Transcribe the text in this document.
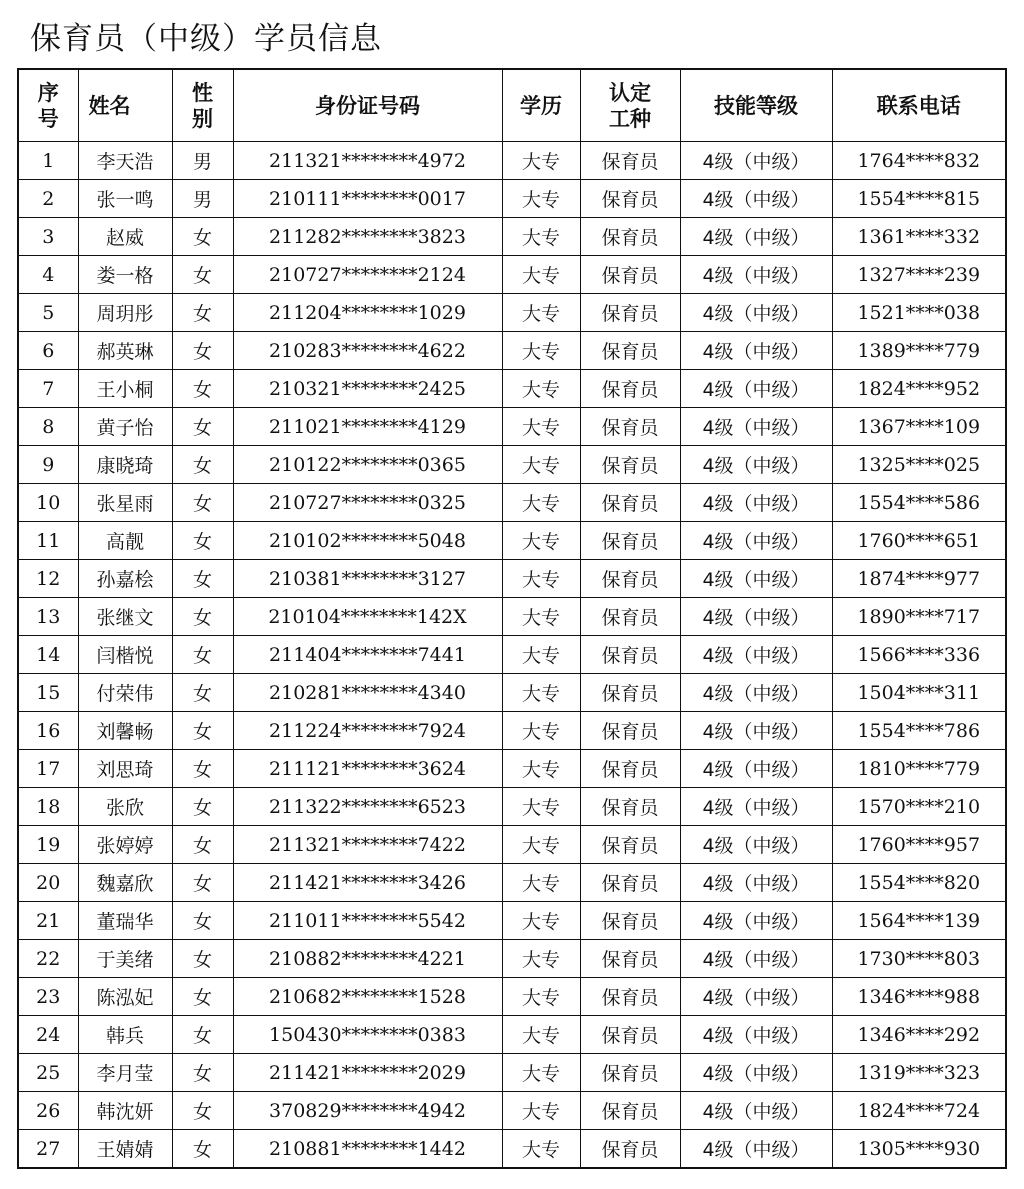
保育员（中级）学员信息
序号	姓名	性别	身份证号码	学历	认定工种	技能等级	联系电话
1	李天浩	男	211321********4972	大专	保育员	4级（中级）	1764****832
2	张一鸣	男	210111********0017	大专	保育员	4级（中级）	1554****815
3	赵威	女	211282********3823	大专	保育员	4级（中级）	1361****332
4	娄一格	女	210727********2124	大专	保育员	4级（中级）	1327****239
5	周玥彤	女	211204********1029	大专	保育员	4级（中级）	1521****038
6	郝英琳	女	210283********4622	大专	保育员	4级（中级）	1389****779
7	王小桐	女	210321********2425	大专	保育员	4级（中级）	1824****952
8	黄子怡	女	211021********4129	大专	保育员	4级（中级）	1367****109
9	康晓琦	女	210122********0365	大专	保育员	4级（中级）	1325****025
10	张星雨	女	210727********0325	大专	保育员	4级（中级）	1554****586
11	高靓	女	210102********5048	大专	保育员	4级（中级）	1760****651
12	孙嘉桧	女	210381********3127	大专	保育员	4级（中级）	1874****977
13	张继文	女	210104********142X	大专	保育员	4级（中级）	1890****717
14	闫楷悦	女	211404********7441	大专	保育员	4级（中级）	1566****336
15	付荣伟	女	210281********4340	大专	保育员	4级（中级）	1504****311
16	刘馨畅	女	211224********7924	大专	保育员	4级（中级）	1554****786
17	刘思琦	女	211121********3624	大专	保育员	4级（中级）	1810****779
18	张欣	女	211322********6523	大专	保育员	4级（中级）	1570****210
19	张婷婷	女	211321********7422	大专	保育员	4级（中级）	1760****957
20	魏嘉欣	女	211421********3426	大专	保育员	4级（中级）	1554****820
21	董瑞华	女	211011********5542	大专	保育员	4级（中级）	1564****139
22	于美绪	女	210882********4221	大专	保育员	4级（中级）	1730****803
23	陈泓妃	女	210682********1528	大专	保育员	4级（中级）	1346****988
24	韩兵	女	150430********0383	大专	保育员	4级（中级）	1346****292
25	李月莹	女	211421********2029	大专	保育员	4级（中级）	1319****323
26	韩沈妍	女	370829********4942	大专	保育员	4级（中级）	1824****724
27	王婧婧	女	210881********1442	大专	保育员	4级（中级）	1305****930
